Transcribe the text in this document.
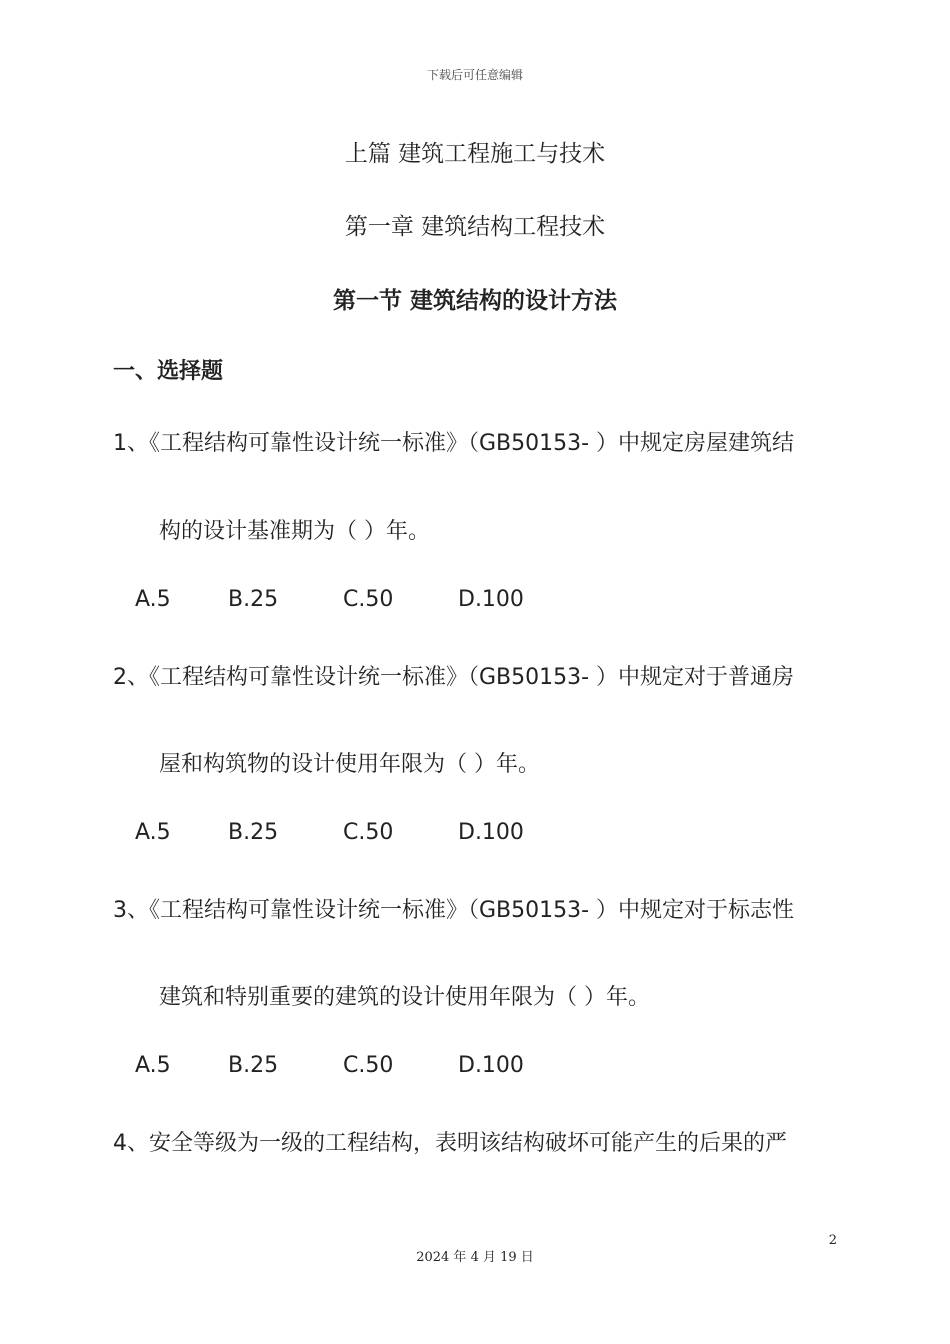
下载后可任意编辑
上篇 建筑工程施工与技术
第一章 建筑结构工程技术
第一节 建筑结构的设计方法
一、选择题
1、《工程结构可靠性设计统一标准》（GB50153- ）中规定房屋建筑结
构的设计基准期为（ ）年。
A.5	B.25	C.50	D.100
2、《工程结构可靠性设计统一标准》（GB50153- ）中规定对于普通房
屋和构筑物的设计使用年限为（ ）年。
A.5	B.25	C.50	D.100
3、《工程结构可靠性设计统一标准》（GB50153- ）中规定对于标志性
建筑和特别重要的建筑的设计使用年限为（ ）年。
A.5	B.25	C.50	D.100
4、安全等级为一级的工程结构，表明该结构破坏可能产生的后果的严
2
2024 年 4 月 19 日
